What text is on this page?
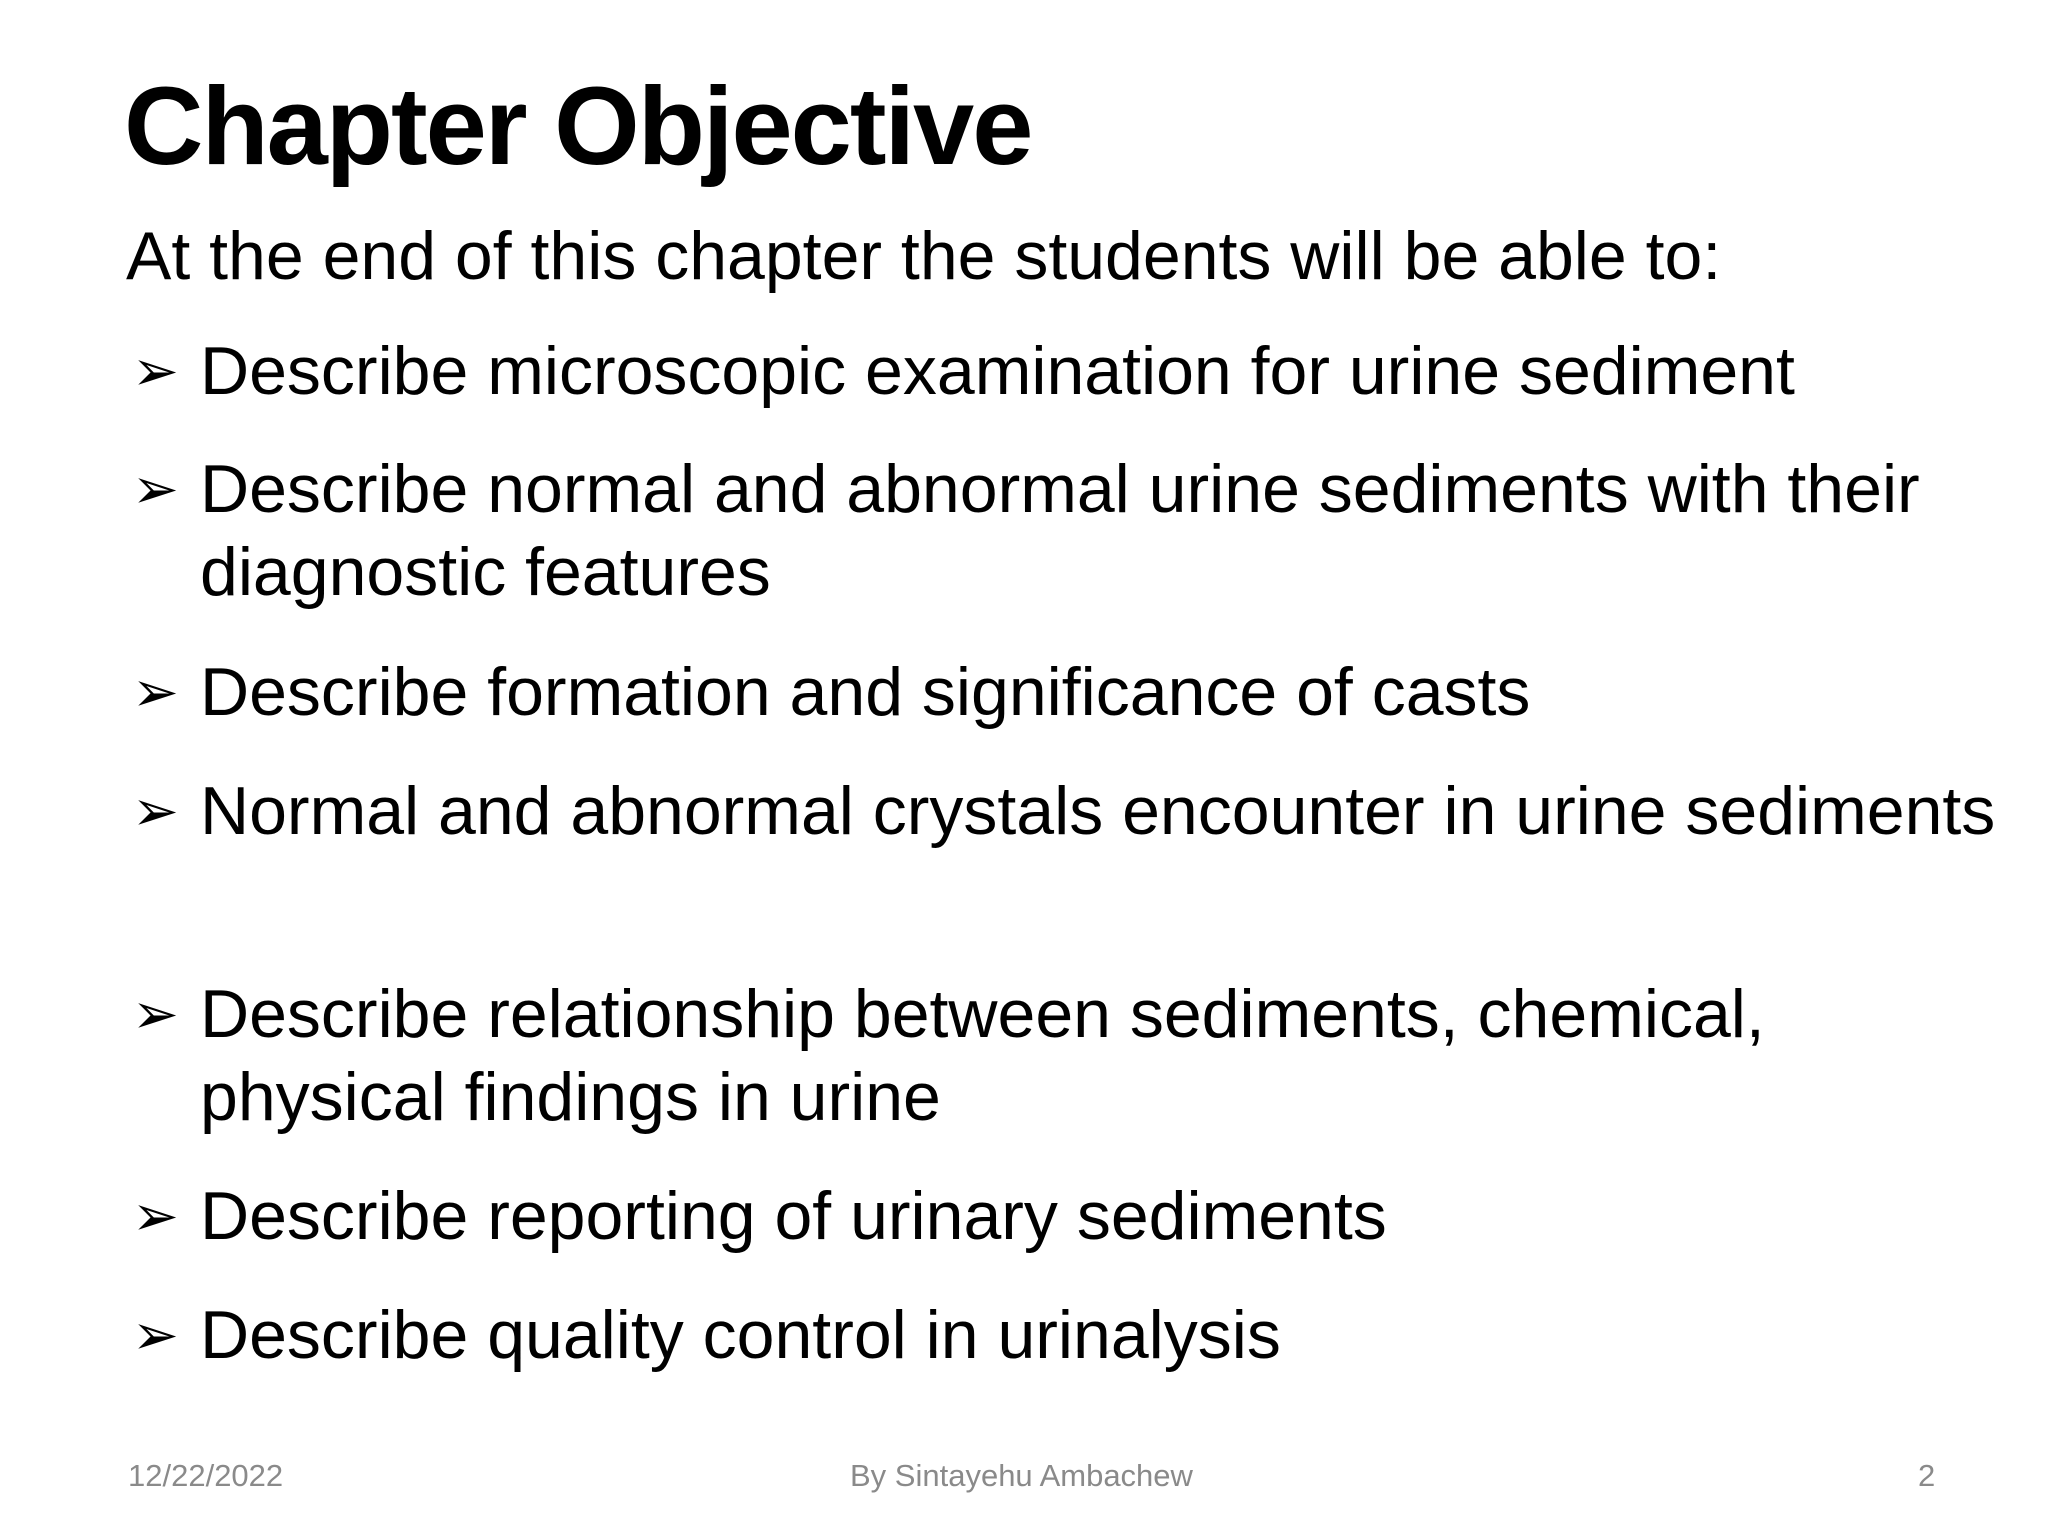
Chapter Objective

At the end of this chapter the students will be able to:

➢ Describe microscopic examination for urine sediment
➢ Describe normal and abnormal urine sediments with their diagnostic features
➢ Describe formation and significance of casts
➢ Normal and abnormal crystals encounter in urine sediments
➢ Describe relationship between sediments, chemical, physical findings in urine
➢ Describe reporting of urinary sediments
➢ Describe quality control in urinalysis
12/22/2022	By Sintayehu Ambachew	2
